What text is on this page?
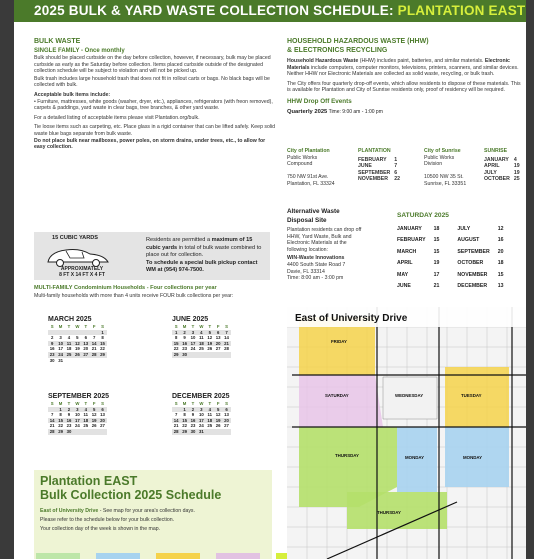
2025 BULK & YARD WASTE COLLECTION SCHEDULE: PLANTATION EAST
BULK WASTE
SINGLE FAMILY - Once monthly
Bulk should be placed curbside on the day before collection, however, if necessary, bulk may be placed curbside as early as the Saturday before collection. Items placed curbside outside of the designated collection schedule will be subject to violation and will not be picked up.
Bulk trash includes large household trash that does not fit in rollout carts or bags. No black bags will be collected with bulk.
Acceptable bulk items include:
• Furniture, mattresses, white goods (washer, dryer, etc.), appliances, refrigerators (with freon removed), carpets & paddings, yard waste in clear bags, tree branches, & other yard waste.
For a detailed listing of acceptable items please visit Plantation.org/bulk.
Tie loose items such as carpeting, etc. Place glass in a rigid container that can be lifted safely. Keep solid waste blue bags separate from bulk waste.
Do not place bulk near mailboxes, power poles, on storm drains, under trees, etc., to allow for easy collection.
15 CUBIC YARDS
APPROXIMATELY
8 FT X 14 FT X 4 FT
Residents are permitted a maximum of 15 cubic yards in total of bulk waste combined to place out for collection.
To schedule a special bulk pickup contact WM at (954) 974-7500.
MULTI-FAMILY Condominium Households - Four collections per year
Multi-family households with more than 4 units receive FOUR bulk collections per year:
MARCH 2025
S	M	T	W	T	F	S
						1
2	3	4	5	6	7	8
9	10	11	12	13	14	15
16	17	18	19	20	21	22
23	24	25	26	27	28	29
30	31					
JUNE 2025
S	M	T	W	T	F	S
1	2	3	4	5	6	7
8	9	10	11	12	13	14
15	16	17	18	19	20	21
22	23	24	25	26	27	28
29	30					
SEPTEMBER 2025
S	M	T	W	T	F	S
	1	2	3	4	5	6
7	8	9	10	11	12	13
14	15	16	17	18	19	20
21	22	23	24	25	26	27
28	29	30				
DECEMBER 2025
S	M	T	W	T	F	S
	1	2	3	4	5	6
7	8	9	10	11	12	13
14	15	16	17	18	19	20
21	22	23	24	25	26	27
28	29	30	31			
Plantation EAST
Bulk Collection 2025 Schedule
East of University Drive - See map for your area's collection days.
Please refer to the schedule below for your bulk collection.
Your collection day of the week is shown in the map.
HOUSEHOLD HAZARDOUS WASTE (HHW)
& ELECTRONICS RECYCLING
Household Hazardous Waste (HHW) includes paint, batteries, and similar materials. Electronic Materials include computers, computer monitors, televisions, printers, scanners, and similar devices. Neither HHW nor Electronic Materials are collected as solid waste, recycling, or bulk trash.
The City offers four quarterly drop-off events, which allow residents to dispose of these materials. This is available for Plantation and City of Sunrise residents only, proof of residency will be required.
HHW Drop Off Events
Quarterly 2025 Time: 9:00 am - 1:00 pm
City of Plantation
Public Works
Compound

750 NW 91st Ave.
Plantation, FL 33324
PLANTATION
FEBRUARY	1
JUNE	7
SEPTEMBER	6
NOVEMBER	22
City of Sunrise
Public Works
Division

10500 NW 35 St.
Sunrise, FL 33351
SUNRISE
JANUARY	4
APRIL	19
JULY	19
OCTOBER	25
Alternative Waste
Disposal Site
Plantation residents can drop off HHW, Yard Waste, Bulk and Electronic Materials at the following location:
WIN-Waste Innovations
4400 South State Road 7
Davie, FL 33314
Time: 8:00 am - 3:00 pm
SATURDAY 2025
JANUARY	18	JULY	12
FEBRUARY	15	AUGUST	16
MARCH	15	SEPTEMBER	20
APRIL	19	OCTOBER	18
MAY	17	NOVEMBER	15
JUNE	21	DECEMBER	13
East of University Drive
FRIDAY
SATURDAY	WEDNESDAY	TUESDAY
THURSDAY	MONDAY	MONDAY
THURSDAY
